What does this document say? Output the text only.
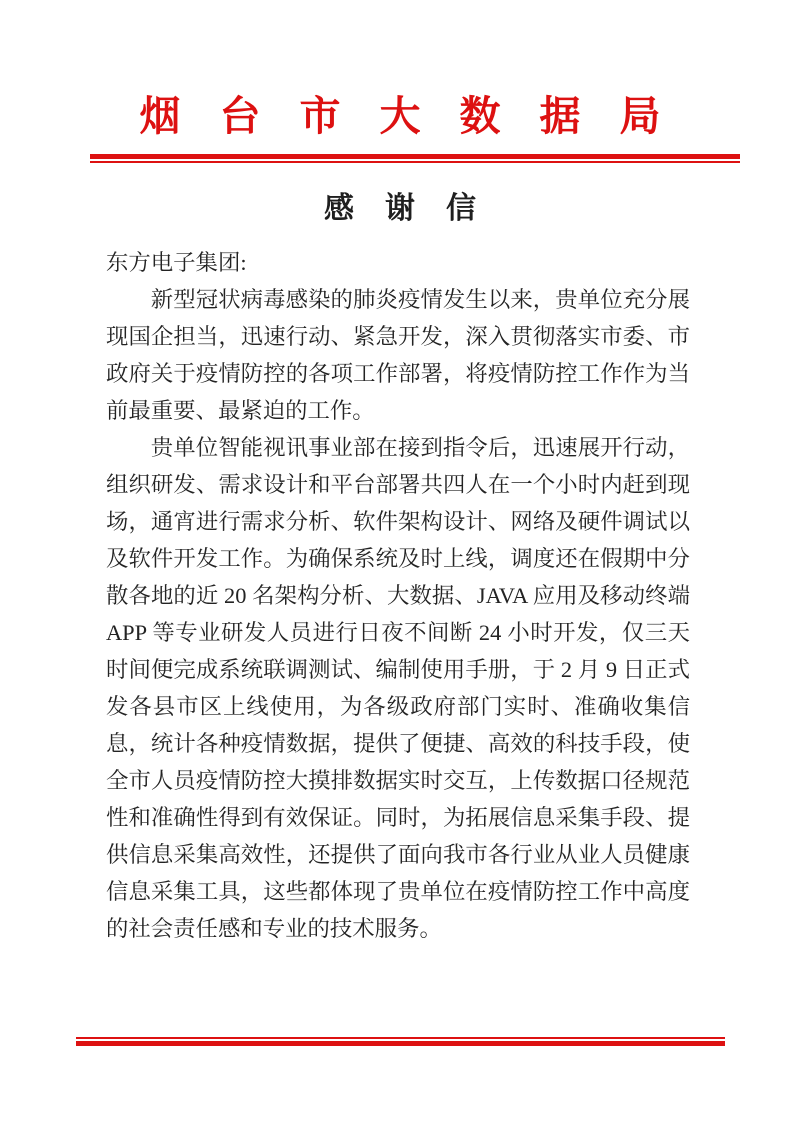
烟台市大数据局
感谢信

东方电子集团:

新型冠状病毒感染的肺炎疫情发生以来，贵单位充分展现国企担当，迅速行动、紧急开发，深入贯彻落实市委、市政府关于疫情防控的各项工作部署，将疫情防控工作作为当前最重要、最紧迫的工作。

贵单位智能视讯事业部在接到指令后，迅速展开行动，组织研发、需求设计和平台部署共四人在一个小时内赶到现场，通宵进行需求分析、软件架构设计、网络及硬件调试以及软件开发工作。为确保系统及时上线，调度还在假期中分散各地的近 20 名架构分析、大数据、JAVA 应用及移动终端 APP 等专业研发人员进行日夜不间断 24 小时开发，仅三天时间便完成系统联调测试、编制使用手册，于 2 月 9 日正式发各县市区上线使用，为各级政府部门实时、准确收集信息，统计各种疫情数据，提供了便捷、高效的科技手段，使全市人员疫情防控大摸排数据实时交互，上传数据口径规范性和准确性得到有效保证。同时，为拓展信息采集手段、提供信息采集高效性，还提供了面向我市各行业从业人员健康信息采集工具，这些都体现了贵单位在疫情防控工作中高度的社会责任感和专业的技术服务。
